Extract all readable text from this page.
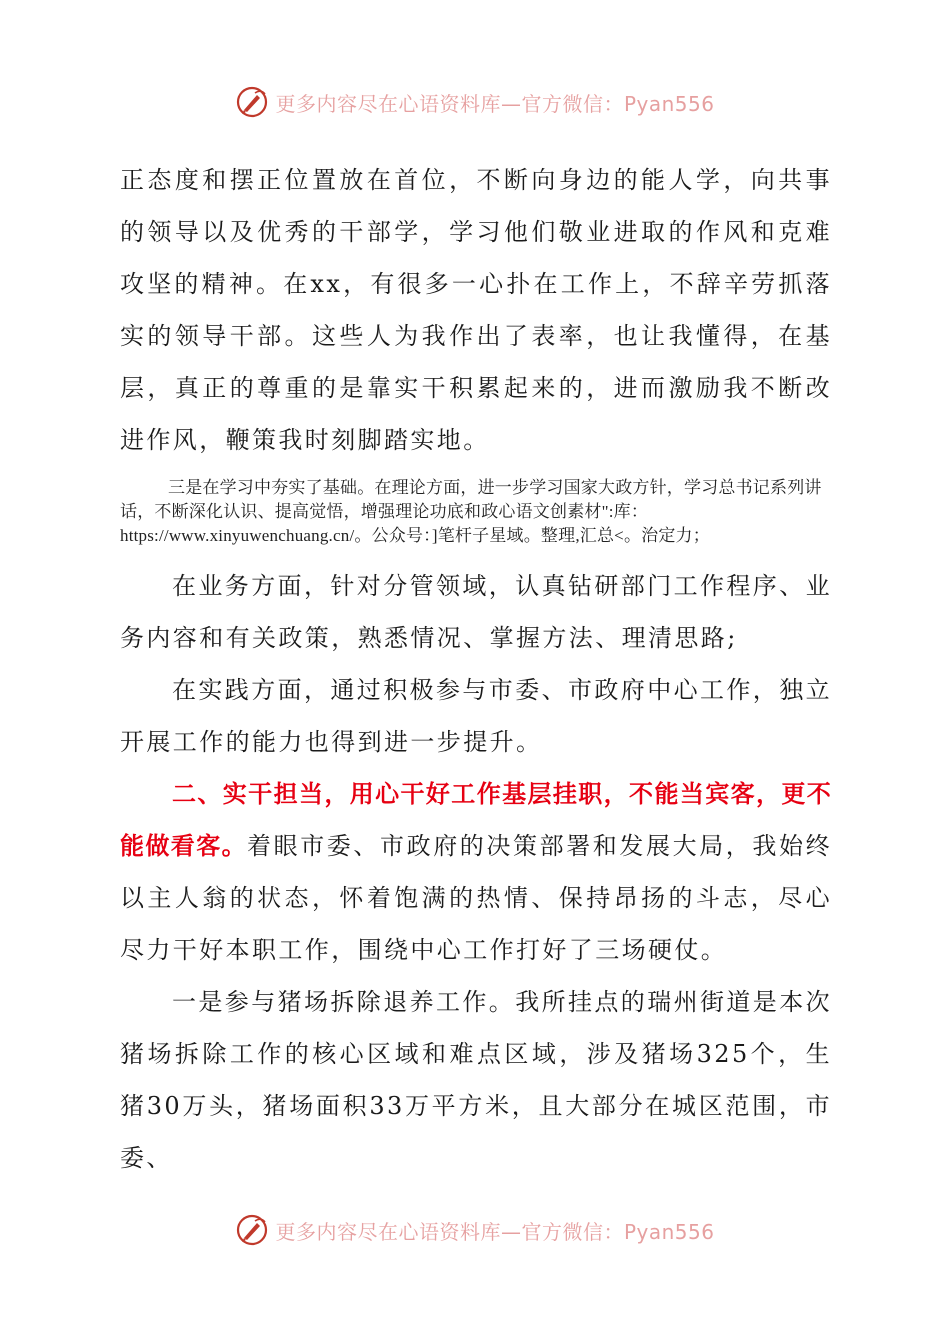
更多内容尽在心语资料库—官方微信：Pyan556

正态度和摆正位置放在首位，不断向身边的能人学，向共事的领导以及优秀的干部学，学习他们敬业进取的作风和克难攻坚的精神。在xx，有很多一心扑在工作上，不辞辛劳抓落实的领导干部。这些人为我作出了表率，也让我懂得，在基层，真正的尊重的是靠实干积累起来的，进而激励我不断改进作风，鞭策我时刻脚踏实地。

三是在学习中夯实了基础。在理论方面，进一步学习国家大政方针，学习总书记系列讲话，不断深化认识、提高觉悟，增强理论功底和政心语文创素材":库：https://www.xinyuwenchuang.cn/。公众号：]笔杆子星域。整理,汇总<。治定力；

在业务方面，针对分管领域，认真钻研部门工作程序、业务内容和有关政策，熟悉情况、掌握方法、理清思路;

在实践方面，通过积极参与市委、市政府中心工作，独立开展工作的能力也得到进一步提升。

二、实干担当，用心干好工作基层挂职，不能当宾客，更不能做看客。着眼市委、市政府的决策部署和发展大局，我始终以主人翁的状态，怀着饱满的热情、保持昂扬的斗志，尽心尽力干好本职工作，围绕中心工作打好了三场硬仗。

一是参与猪场拆除退养工作。我所挂点的瑞州街道是本次猪场拆除工作的核心区域和难点区域，涉及猪场325个，生猪30万头，猪场面积33万平方米，且大部分在城区范围，市委、

更多内容尽在心语资料库—官方微信：Pyan556
